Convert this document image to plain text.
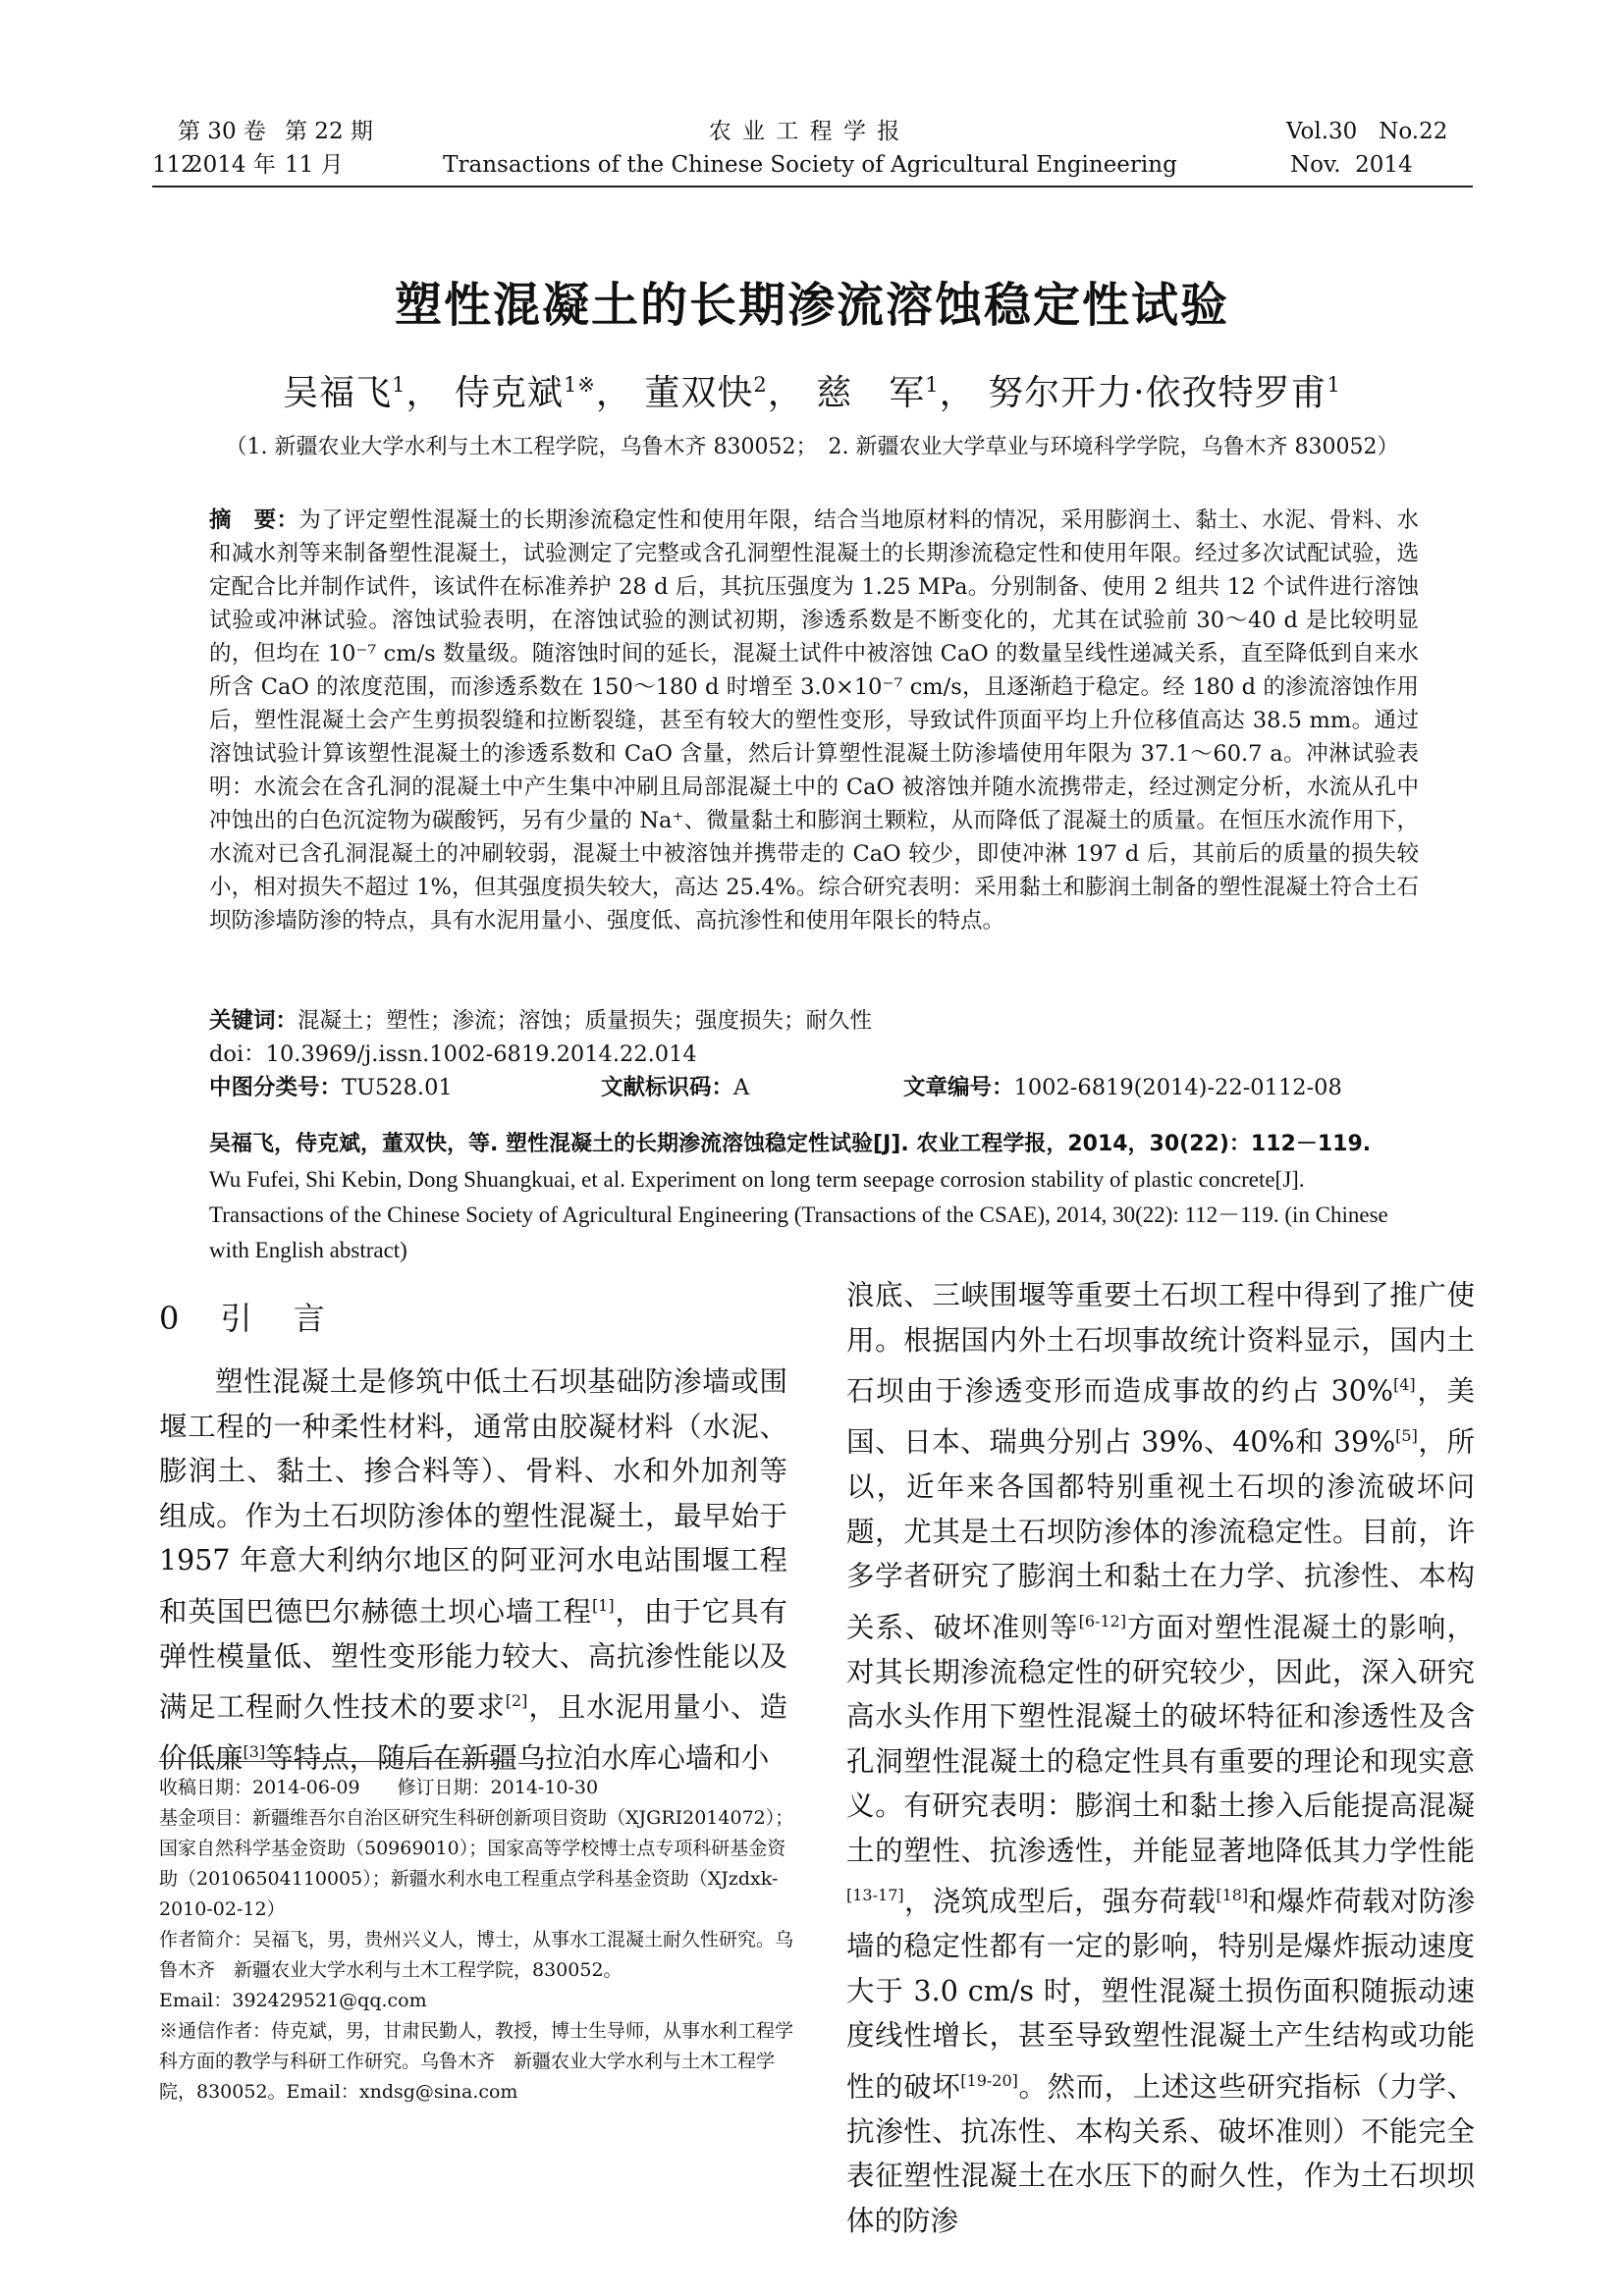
第 30 卷 第 22 期
112
2014 年 11 月
农 业 工 程 学 报
Transactions of the Chinese Society of Agricultural Engineering
Vol.30   No.22
Nov.  2014
塑性混凝土的长期渗流溶蚀稳定性试验
吴福飞$^1$， 侍克斌$^{1※}$， 董双快$^2$， 慈　军$^1$， 努尔开力·依孜特罗甫$^1$
（1. 新疆农业大学水利与土木工程学院，乌鲁木齐 830052；　2. 新疆农业大学草业与环境科学学院，乌鲁木齐 830052）
摘　要：为了评定塑性混凝土的长期渗流稳定性和使用年限，结合当地原材料的情况，采用膨润土、黏土、水泥、骨料、水和减水剂等来制备塑性混凝土，试验测定了完整或含孔洞塑性混凝土的长期渗流稳定性和使用年限。经过多次试配试验，选定配合比并制作试件，该试件在标准养护 28 d 后，其抗压强度为 1.25 MPa。分别制备、使用 2 组共 12 个试件进行溶蚀试验或冲淋试验。溶蚀试验表明，在溶蚀试验的测试初期，渗透系数是不断变化的，尤其在试验前 30～40 d 是比较明显的，但均在 10⁻⁷ cm/s 数量级。随溶蚀时间的延长，混凝土试件中被溶蚀 CaO 的数量呈线性递减关系，直至降低到自来水所含 CaO 的浓度范围，而渗透系数在 150～180 d 时增至 3.0×10⁻⁷ cm/s，且逐渐趋于稳定。经 180 d 的渗流溶蚀作用后，塑性混凝土会产生剪损裂缝和拉断裂缝，甚至有较大的塑性变形，导致试件顶面平均上升位移值高达 38.5 mm。通过溶蚀试验计算该塑性混凝土的渗透系数和 CaO 含量，然后计算塑性混凝土防渗墙使用年限为 37.1～60.7 a。冲淋试验表明：水流会在含孔洞的混凝土中产生集中冲刷且局部混凝土中的 CaO 被溶蚀并随水流携带走，经过测定分析，水流从孔中冲蚀出的白色沉淀物为碳酸钙，另有少量的 Na⁺、微量黏土和膨润土颗粒，从而降低了混凝土的质量。在恒压水流作用下，水流对已含孔洞混凝土的冲刷较弱，混凝土中被溶蚀并携带走的 CaO 较少，即使冲淋 197 d 后，其前后的质量的损失较小，相对损失不超过 1%，但其强度损失较大，高达 25.4%。综合研究表明：采用黏土和膨润土制备的塑性混凝土符合土石坝防渗墙防渗的特点，具有水泥用量小、强度低、高抗渗性和使用年限长的特点。
关键词：混凝土；塑性；渗流；溶蚀；质量损失；强度损失；耐久性
doi：10.3969/j.issn.1002-6819.2014.22.014
中图分类号：TU528.01	文献标识码：A	文章编号：1002-6819(2014)-22-0112-08
吴福飞，侍克斌，董双快，等. 塑性混凝土的长期渗流溶蚀稳定性试验[J]. 农业工程学报，2014，30(22)：112－119.
Wu Fufei, Shi Kebin, Dong Shuangkuai, et al. Experiment on long term seepage corrosion stability of plastic concrete[J]. Transactions of the Chinese Society of Agricultural Engineering (Transactions of the CSAE), 2014, 30(22): 112－119. (in Chinese with English abstract)
0 引 言

塑性混凝土是修筑中低土石坝基础防渗墙或围堰工程的一种柔性材料，通常由胶凝材料（水泥、膨润土、黏土、掺合料等）、骨料、水和外加剂等组成。作为土石坝防渗体的塑性混凝土，最早始于 1957 年意大利纳尔地区的阿亚河水电站围堰工程和英国巴德巴尔赫德土坝心墙工程[1]，由于它具有弹性模量低、塑性变形能力较大、高抗渗性能以及满足工程耐久性技术的要求[2]，且水泥用量小、造价低廉[3]等特点，随后在新疆乌拉泊水库心墙和小

收稿日期：2014-06-09　　修订日期：2014-10-30
基金项目：新疆维吾尔自治区研究生科研创新项目资助（XJGRI2014072）；国家自然科学基金资助（50969010）；国家高等学校博士点专项科研基金资助（20106504110005）；新疆水利水电工程重点学科基金资助（XJzdxk-2010-02-12）
作者简介：吴福飞，男，贵州兴义人，博士，从事水工混凝土耐久性研究。乌鲁木齐　新疆农业大学水利与土木工程学院，830052。
Email：392429521@qq.com
※通信作者：侍克斌，男，甘肃民勤人，教授，博士生导师，从事水利工程学科方面的教学与科研工作研究。乌鲁木齐　新疆农业大学水利与土木工程学院，830052。Email：xndsg@sina.com

浪底、三峡围堰等重要土石坝工程中得到了推广使用。根据国内外土石坝事故统计资料显示，国内土石坝由于渗透变形而造成事故的约占 30%[4]，美国、日本、瑞典分别占 39%、40%和 39%[5]，所以，近年来各国都特别重视土石坝的渗流破坏问题，尤其是土石坝防渗体的渗流稳定性。目前，许多学者研究了膨润土和黏土在力学、抗渗性、本构关系、破坏准则等[6-12]方面对塑性混凝土的影响，对其长期渗流稳定性的研究较少，因此，深入研究高水头作用下塑性混凝土的破坏特征和渗透性及含孔洞塑性混凝土的稳定性具有重要的理论和现实意义。有研究表明：膨润土和黏土掺入后能提高混凝土的塑性、抗渗透性，并能显著地降低其力学性能[13-17]，浇筑成型后，强夯荷载[18]和爆炸荷载对防渗墙的稳定性都有一定的影响，特别是爆炸振动速度大于 3.0 cm/s 时，塑性混凝土损伤面积随振动速度线性增长，甚至导致塑性混凝土产生结构或功能性的破坏[19-20]。然而，上述这些研究指标（力学、抗渗性、抗冻性、本构关系、破坏准则）不能完全表征塑性混凝土在水压下的耐久性，作为土石坝坝体的防渗
